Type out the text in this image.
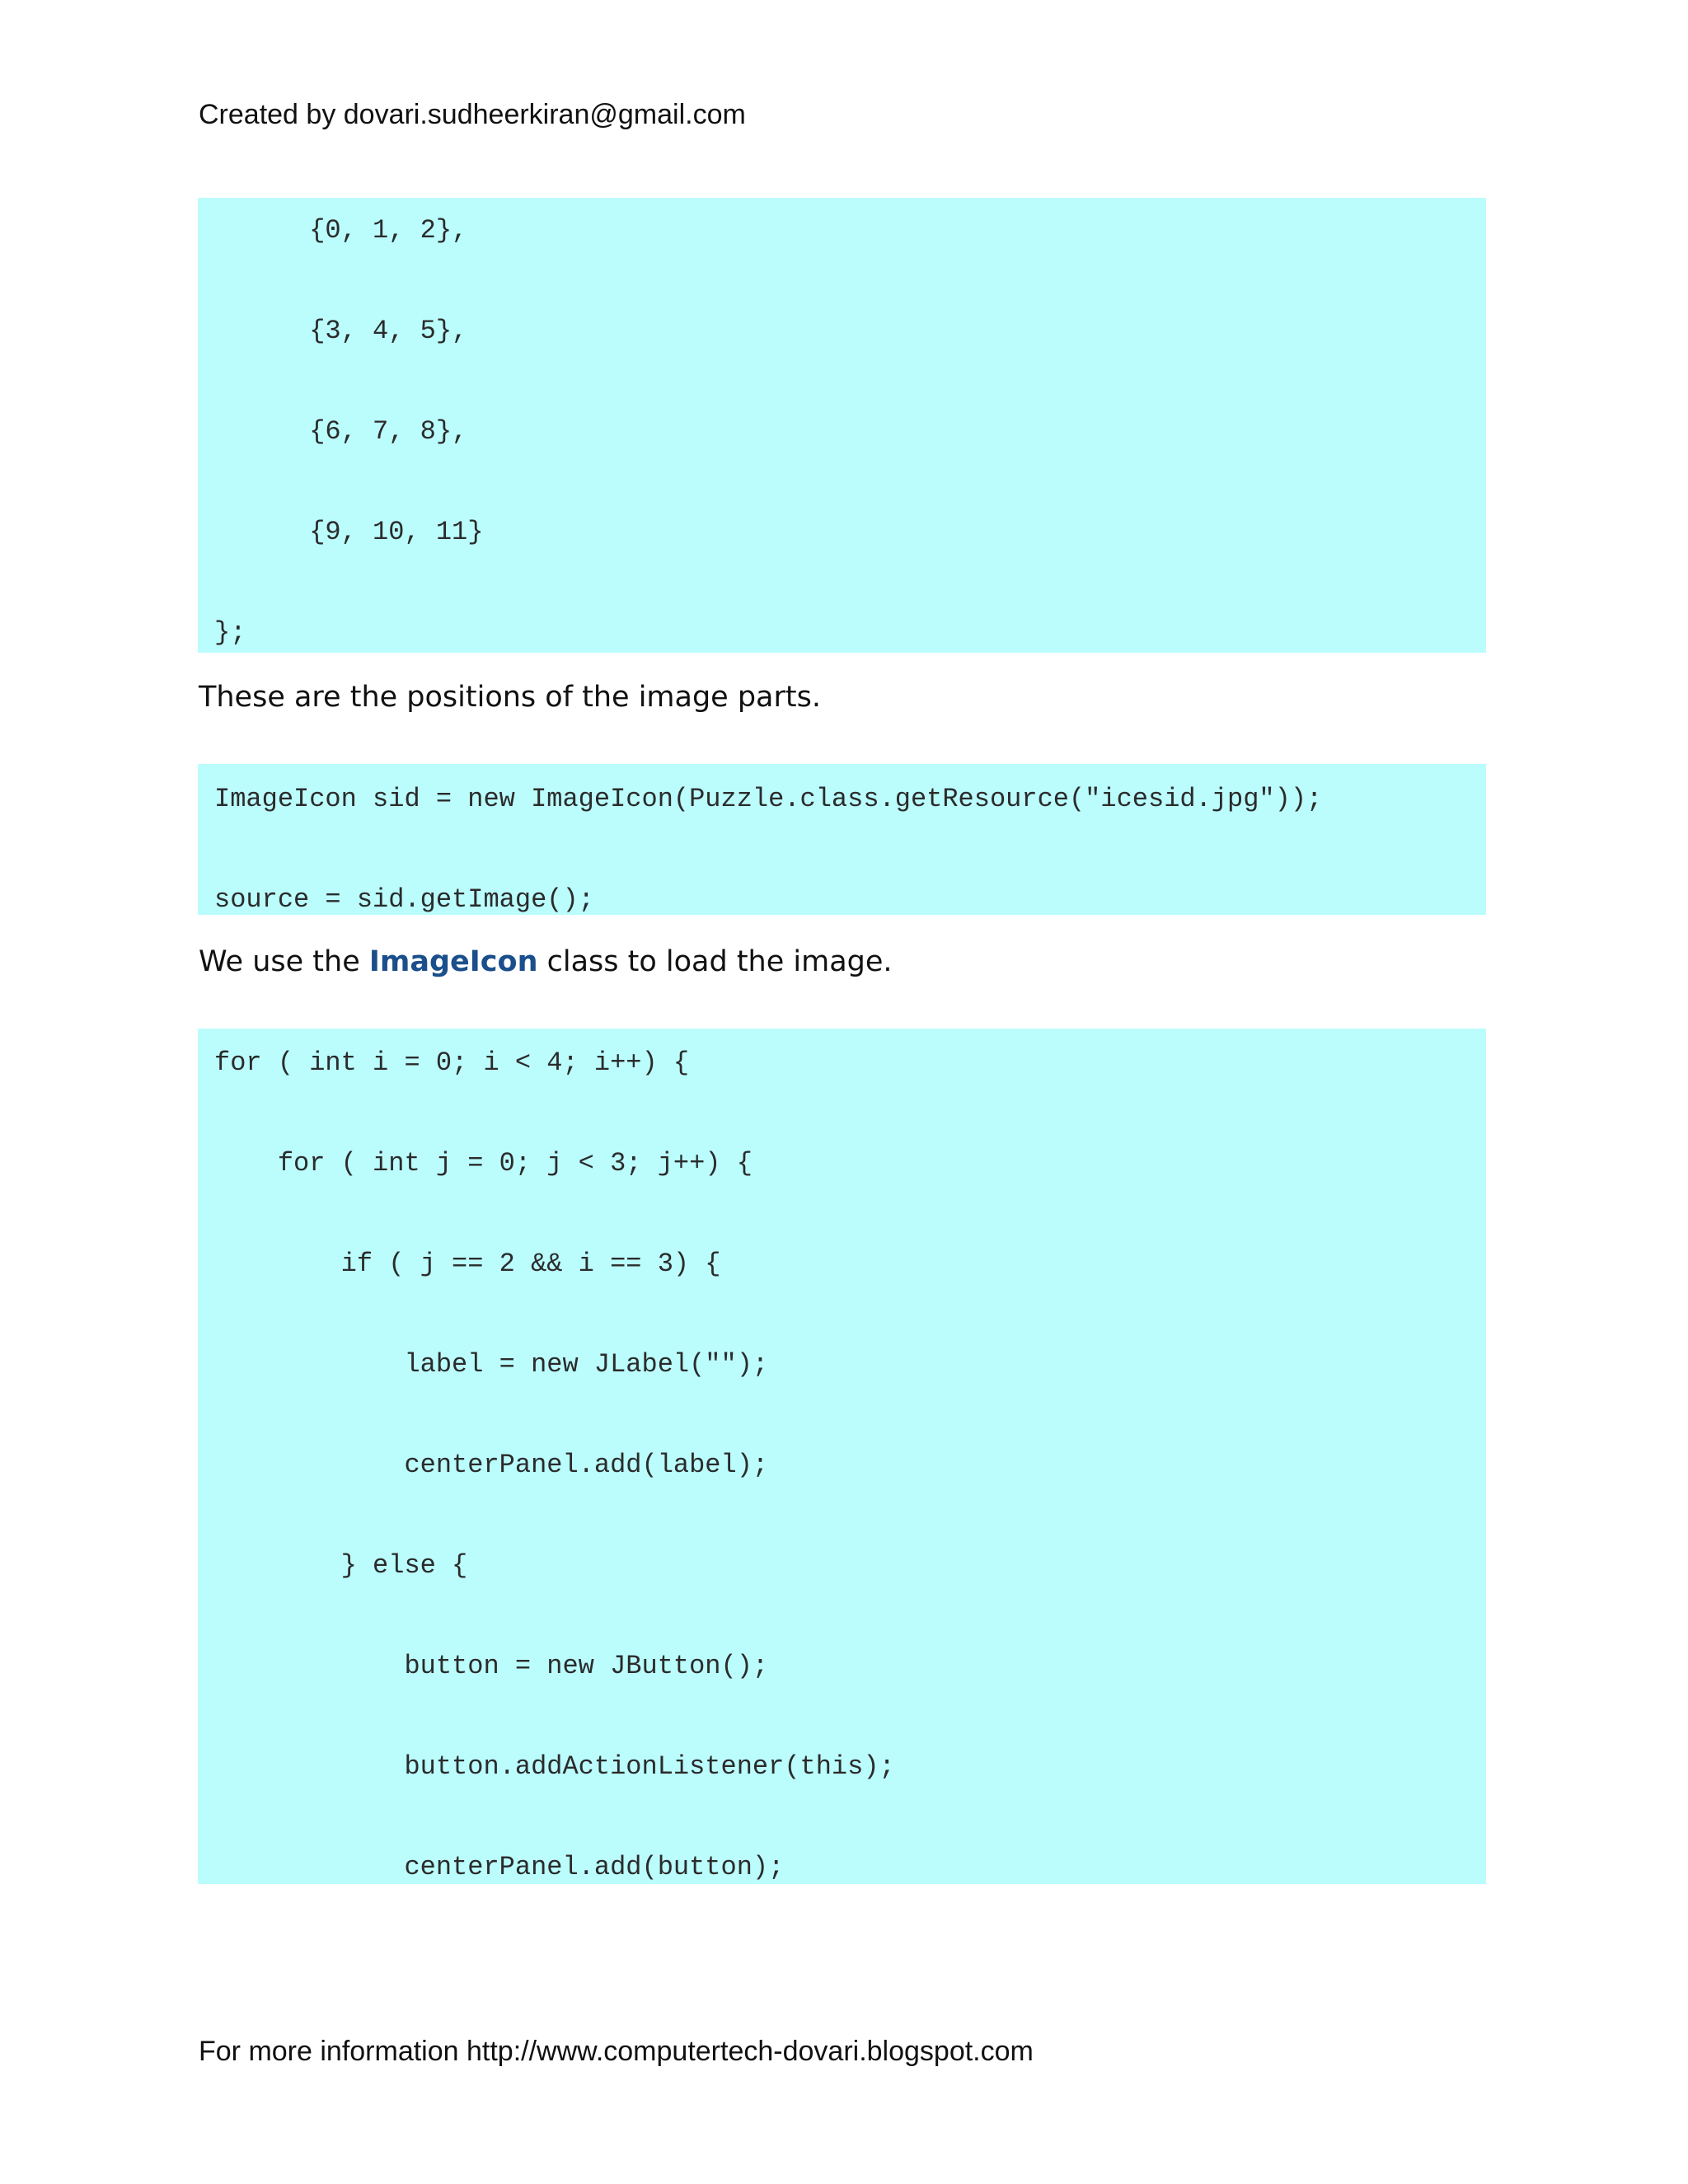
Created by dovari.sudheerkiran@gmail.com
{0, 1, 2},
{3, 4, 5},
{6, 7, 8},
{9, 10, 11}
};
These are the positions of the image parts.
ImageIcon sid = new ImageIcon(Puzzle.class.getResource("icesid.jpg"));
source = sid.getImage();
We use the ImageIcon class to load the image.
for ( int i = 0; i < 4; i++) {
for ( int j = 0; j < 3; j++) {
if ( j == 2 && i == 3) {
label = new JLabel("");
centerPanel.add(label);
} else {
button = new JButton();
button.addActionListener(this);
centerPanel.add(button);
For more information http://www.computertech-dovari.blogspot.com
